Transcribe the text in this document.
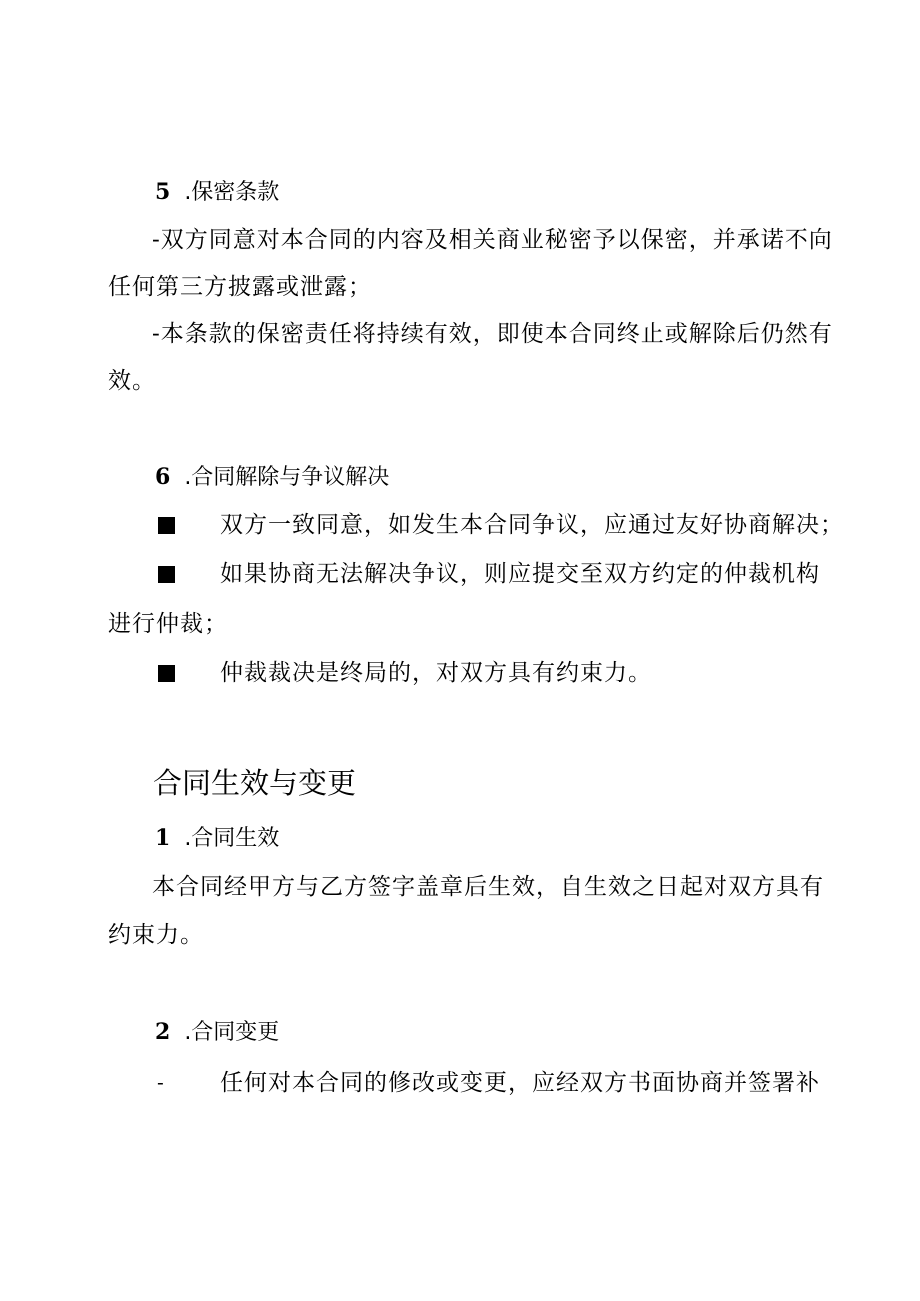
5 .保密条款
-双方同意对本合同的内容及相关商业秘密予以保密，并承诺不向
任何第三方披露或泄露；
-本条款的保密责任将持续有效，即使本合同终止或解除后仍然有
效。
6 .合同解除与争议解决
双方一致同意，如发生本合同争议，应通过友好协商解决；
如果协商无法解决争议，则应提交至双方约定的仲裁机构
进行仲裁；
仲裁裁决是终局的，对双方具有约束力。
合同生效与变更
1 .合同生效
本合同经甲方与乙方签字盖章后生效，自生效之日起对双方具有
约束力。
2 .合同变更
- 任何对本合同的修改或变更，应经双方书面协商并签署补
